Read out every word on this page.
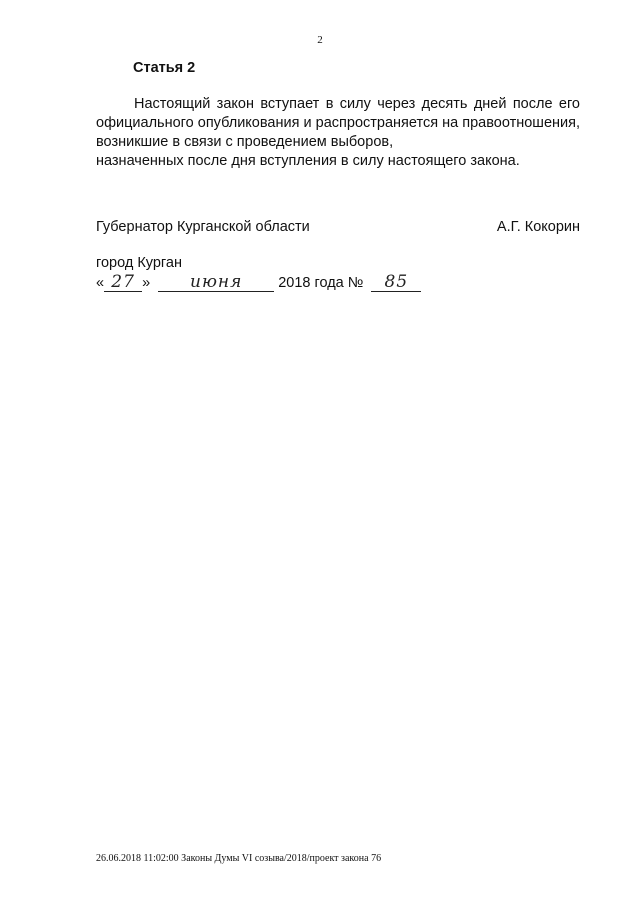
2
Статья 2
Настоящий закон вступает в силу через десять дней после его официального опубликования и распространяется на правоотношения, возникшие в связи с проведением выборов,
назначенных после дня вступления в силу настоящего закона.
Губернатор Курганской области	А.Г. Кокорин
город Курган
« 27 » июня 2018 года № 85
26.06.2018 11:02:00 Законы Думы VI созыва/2018/проект закона 76
